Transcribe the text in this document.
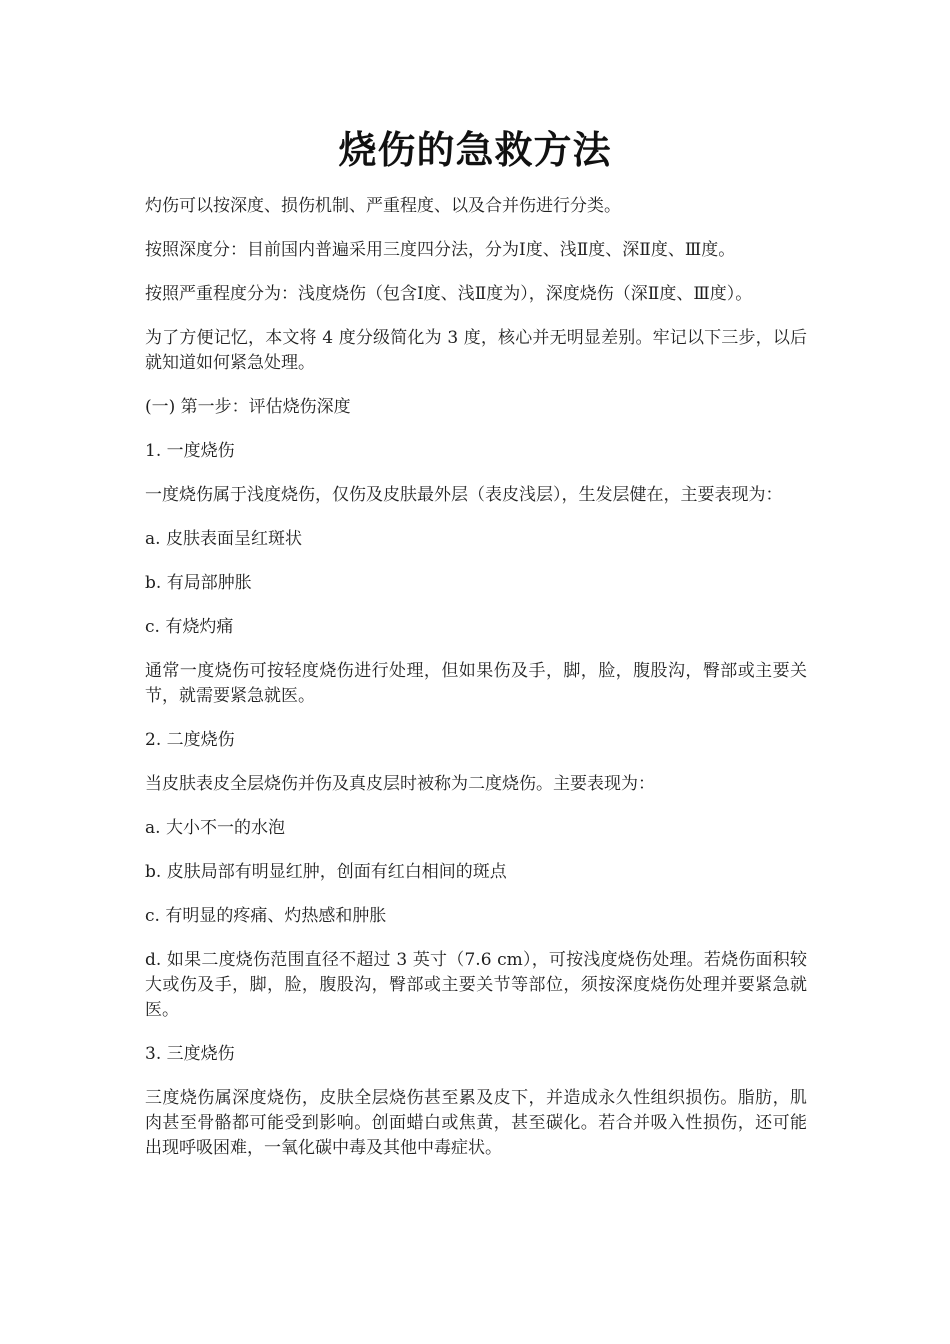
烧伤的急救方法

灼伤可以按深度、损伤机制、严重程度、以及合并伤进行分类。

按照深度分：目前国内普遍采用三度四分法，分为Ⅰ度、浅Ⅱ度、深Ⅱ度、Ⅲ度。

按照严重程度分为：浅度烧伤（包含Ⅰ度、浅Ⅱ度为），深度烧伤（深Ⅱ度、Ⅲ度）。

为了方便记忆，本文将 4 度分级简化为 3 度，核心并无明显差别。牢记以下三步，以后就知道如何紧急处理。

(一) 第一步：评估烧伤深度

1. 一度烧伤

一度烧伤属于浅度烧伤，仅伤及皮肤最外层（表皮浅层），生发层健在，主要表现为：

a. 皮肤表面呈红斑状

b. 有局部肿胀

c. 有烧灼痛

通常一度烧伤可按轻度烧伤进行处理，但如果伤及手，脚，脸，腹股沟，臀部或主要关节，就需要紧急就医。

2. 二度烧伤

当皮肤表皮全层烧伤并伤及真皮层时被称为二度烧伤。主要表现为：

a. 大小不一的水泡

b. 皮肤局部有明显红肿，创面有红白相间的斑点

c. 有明显的疼痛、灼热感和肿胀

d. 如果二度烧伤范围直径不超过 3 英寸（7.6 cm），可按浅度烧伤处理。若烧伤面积较大或伤及手，脚，脸，腹股沟，臀部或主要关节等部位，须按深度烧伤处理并要紧急就医。

3. 三度烧伤

三度烧伤属深度烧伤，皮肤全层烧伤甚至累及皮下，并造成永久性组织损伤。脂肪，肌肉甚至骨骼都可能受到影响。创面蜡白或焦黄，甚至碳化。若合并吸入性损伤，还可能出现呼吸困难，一氧化碳中毒及其他中毒症状。
